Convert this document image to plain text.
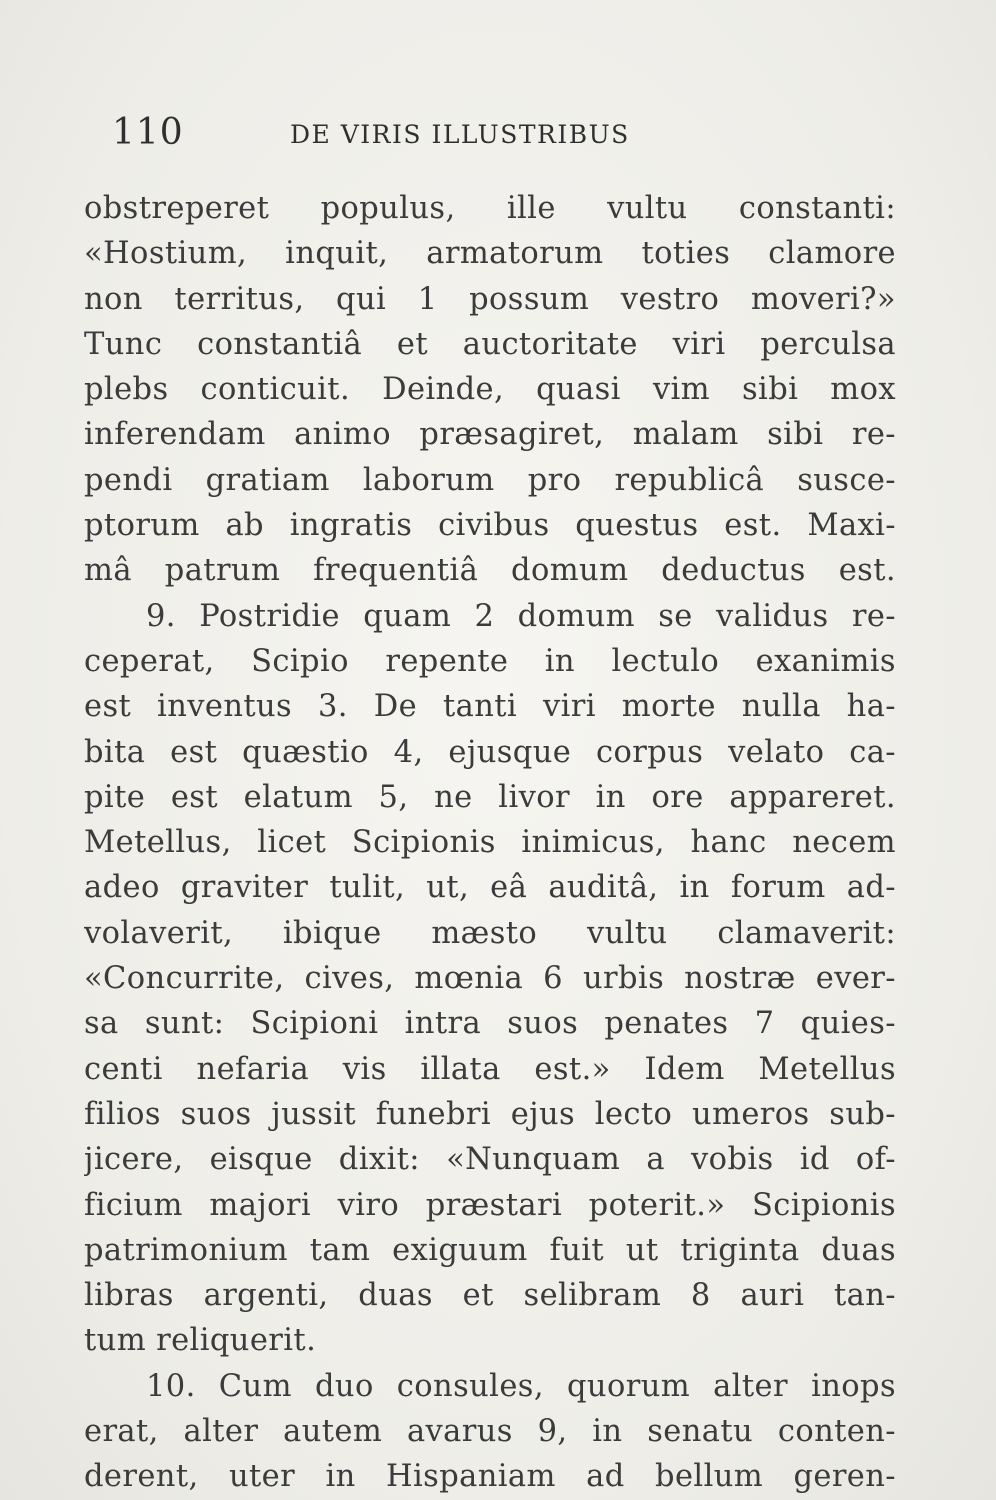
110	DE VIRIS ILLUSTRIBUS
obstreperet populus, ille vultu constanti:
«Hostium, inquit, armatorum toties clamore
non territus, qui 1 possum vestro moveri?»
Tunc constantiâ et auctoritate viri perculsa
plebs conticuit. Deinde, quasi vim sibi mox
inferendam animo præsagiret, malam sibi re-
pendi gratiam laborum pro republicâ susce-
ptorum ab ingratis civibus questus est. Maxi-
mâ patrum frequentiâ domum deductus est.
9. Postridie quam 2 domum se validus re-
ceperat, Scipio repente in lectulo exanimis
est inventus 3. De tanti viri morte nulla ha-
bita est quæstio 4, ejusque corpus velato ca-
pite est elatum 5, ne livor in ore appareret.
Metellus, licet Scipionis inimicus, hanc necem
adeo graviter tulit, ut, eâ auditâ, in forum ad-
volaverit, ibique mæsto vultu clamaverit:
«Concurrite, cives, mœnia 6 urbis nostræ ever-
sa sunt: Scipioni intra suos penates 7 quies-
centi nefaria vis illata est.» Idem Metellus
filios suos jussit funebri ejus lecto umeros sub-
jicere, eisque dixit: «Nunquam a vobis id of-
ficium majori viro præstari poterit.» Scipionis
patrimonium tam exiguum fuit ut triginta duas
libras argenti, duas et selibram 8 auri tan-
tum reliquerit.
10. Cum duo consules, quorum alter inops
erat, alter autem avarus 9, in senatu conten-
derent, uter in Hispaniam ad bellum geren-
